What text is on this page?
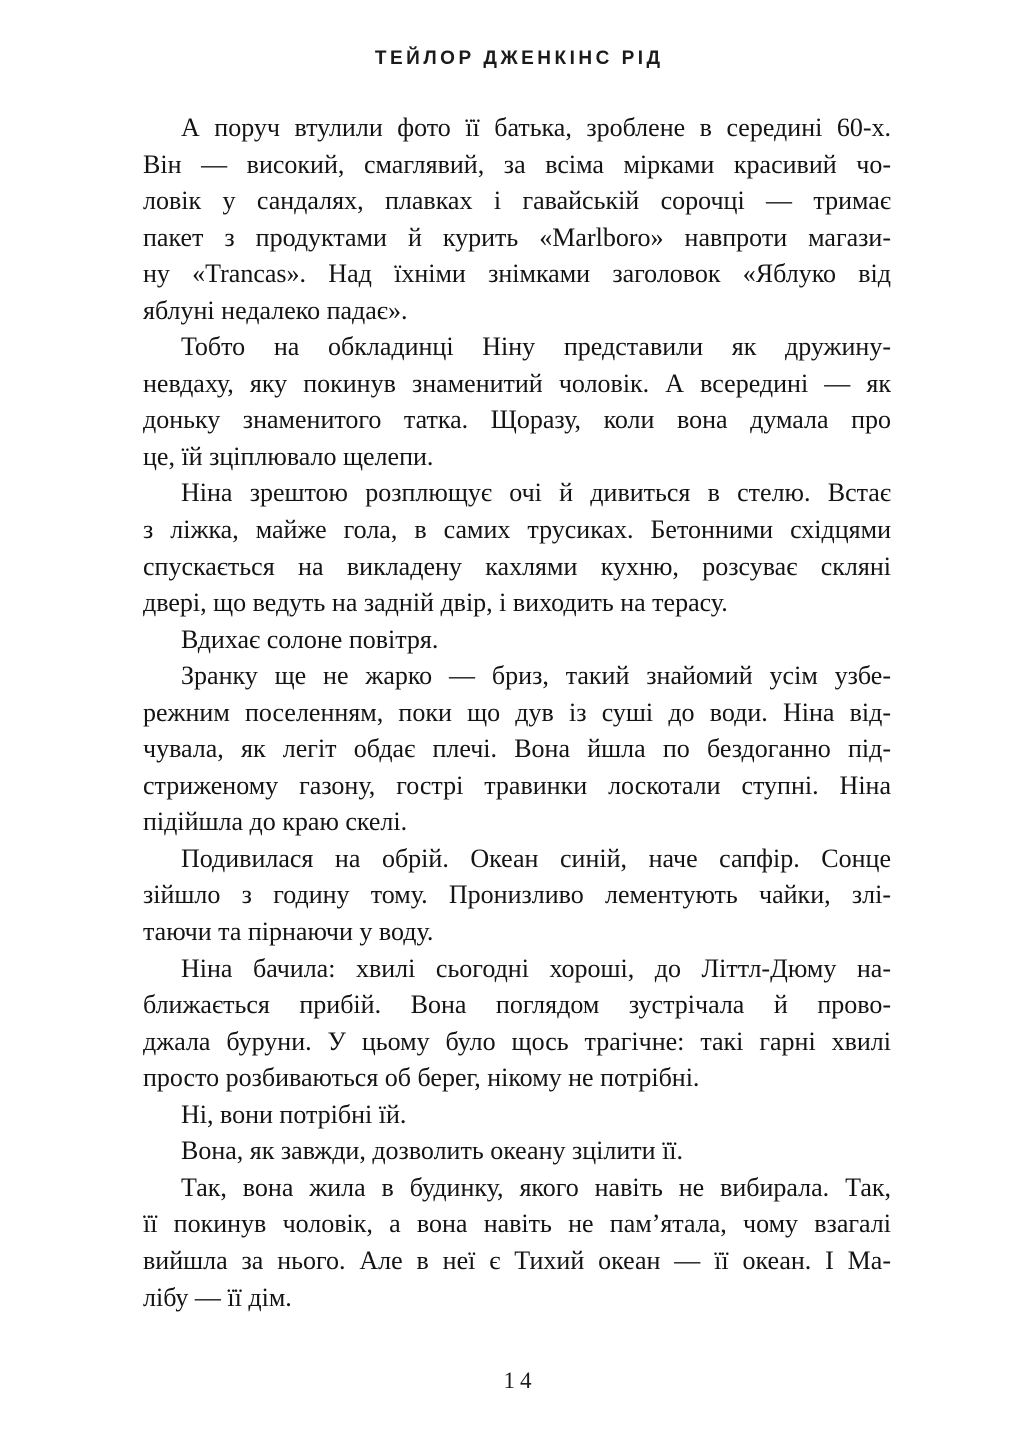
ТЕЙЛОР ДЖЕНКІНС РІД
А поруч втулили фото її батька, зроблене в середині 60-х.
Він — високий, смаглявий, за всіма мірками красивий чо-
ловік у сандалях, плавках і гавайській сорочці — тримає
пакет з продуктами й курить «Marlboro» навпроти магази-
ну «Trancas». Над їхніми знімками заголовок «Яблуко від
яблуні недалеко падає».
Тобто на обкладинці Ніну представили як дружину-
невдаху, яку покинув знаменитий чоловік. А всередині — як
доньку знаменитого татка. Щоразу, коли вона думала про
це, їй зціплювало щелепи.
Ніна зрештою розплющує очі й дивиться в стелю. Встає
з ліжка, майже гола, в самих трусиках. Бетонними східцями
спускається на викладену кахлями кухню, розсуває скляні
двері, що ведуть на задній двір, і виходить на терасу.
Вдихає солоне повітря.
Зранку ще не жарко — бриз, такий знайомий усім узбе-
режним поселенням, поки що дув із суші до води. Ніна від-
чувала, як легіт обдає плечі. Вона йшла по бездоганно під-
стриженому газону, гострі травинки лоскотали ступні. Ніна
підійшла до краю скелі.
Подивилася на обрій. Океан синій, наче сапфір. Сонце
зійшло з годину тому. Пронизливо лементують чайки, злі-
таючи та пірнаючи у воду.
Ніна бачила: хвилі сьогодні хороші, до Літтл-Дюму на-
ближається прибій. Вона поглядом зустрічала й прово-
джала буруни. У цьому було щось трагічне: такі гарні хвилі
просто розбиваються об берег, нікому не потрібні.
Ні, вони потрібні їй.
Вона, як завжди, дозволить океану зцілити її.
Так, вона жила в будинку, якого навіть не вибирала. Так,
її покинув чоловік, а вона навіть не пам’ятала, чому взагалі
вийшла за нього. Але в неї є Тихий океан — її океан. І Ма-
лібу — її дім.
14
